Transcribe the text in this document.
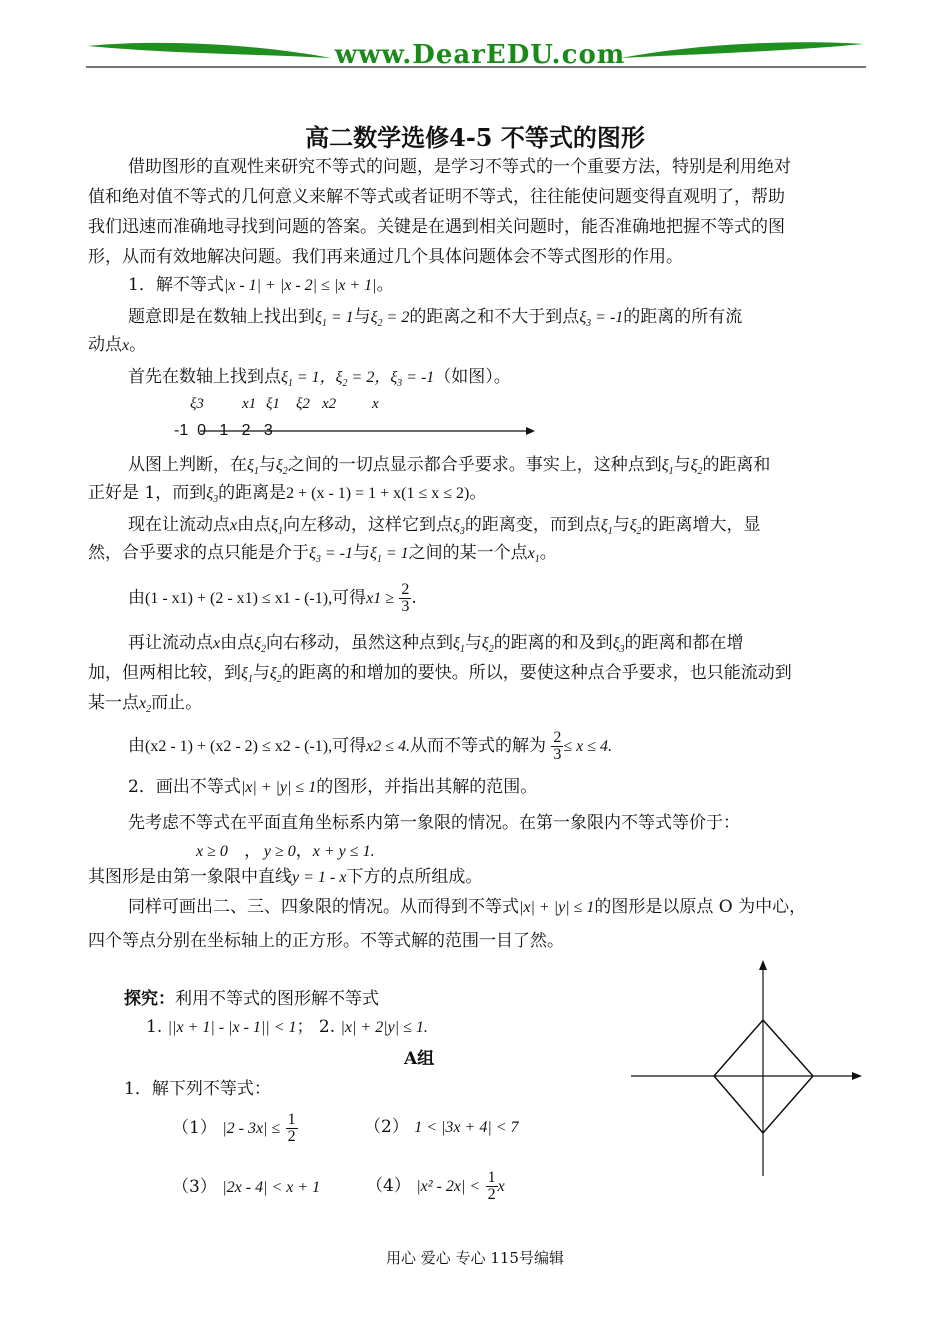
www.DearEDU.com
高二数学选修4-5 不等式的图形
借助图形的直观性来研究不等式的问题，是学习不等式的一个重要方法，特别是利用绝对
值和绝对值不等式的几何意义来解不等式或者证明不等式，往往能使问题变得直观明了，帮助
我们迅速而准确地寻找到问题的答案。关键是在遇到相关问题时，能否准确地把握不等式的图
形，从而有效地解决问题。我们再来通过几个具体问题体会不等式图形的作用。
1．解不等式|x - 1| + |x - 2| ≤ |x + 1|。
题意即是在数轴上找出到$\xi_1 = 1$与$\xi_2 = 2$的距离之和不大于到点$\xi_3 = -1$的距离的所有流
动点x。
首先在数轴上找到点$\xi_1 = 1$，$\xi_2 = 2$，$\xi_3 = -1$（如图）。
ξ3	x1 ξ1 ξ2 x2 x
-1  0   1   2   3
从图上判断，在$\xi_1$与$\xi_2$之间的一切点显示都合乎要求。事实上，这种点到$\xi_1$与$\xi_2$的距离和
正好是 1，而到$\xi_3$的距离是2 + (x - 1) = 1 + x(1 ≤ x ≤ 2)。
现在让流动点x由点$\xi_1$向左移动，这样它到点$\xi_3$的距离变，而到点$\xi_1$与$\xi_2$的距离增大，显
然，合乎要求的点只能是介于$\xi_3 = -1$与$\xi_1 = 1$之间的某一个点$x_1$。
由(1 - x1) + (2 - x1) ≤ x1 - (-1),可得$x1 \ge \frac{2}{3}$ .
再让流动点x由点$\xi_2$向右移动，虽然这种点到$\xi_1$与$\xi_2$的距离的和及到$\xi_3$的距离和都在增
加，但两相比较，到$\xi_1$与$\xi_2$的距离的和增加的要快。所以，要使这种点合乎要求，也只能流动到
某一点$x_2$而止。
由(x2 - 1) + (x2 - 2) ≤ x2 - (-1),可得x2 ≤ 4.从而不等式的解为 $\frac{2}{3} \le x \le 4$.
2．画出不等式|x| + |y| ≤ 1的图形，并指出其解的范围。
先考虑不等式在平面直角坐标系内第一象限的情况。在第一象限内不等式等价于：
x ≥ 0   ， y ≥ 0，x + y ≤ 1.
其图形是由第一象限中直线y = 1 - x下方的点所组成。
同样可画出二、三、四象限的情况。从而得到不等式|x| + |y| ≤ 1的图形是以原点 O 为中心，
四个等点分别在坐标轴上的正方形。不等式解的范围一目了然。
探究：利用不等式的图形解不等式
1. ||x + 1| - |x - 1|| < 1； 2. |x| + 2|y| ≤ 1.
A组
1．解下列不等式：
（1） $|2 - 3x| \le \frac{1}{2}$	（2） 1 < |3x + 4| < 7
（3） |2x - 4| < x + 1	（4） $|x^2 - 2x| < \frac{1}{2}$ x
用心 爱心 专心 115号编辑
